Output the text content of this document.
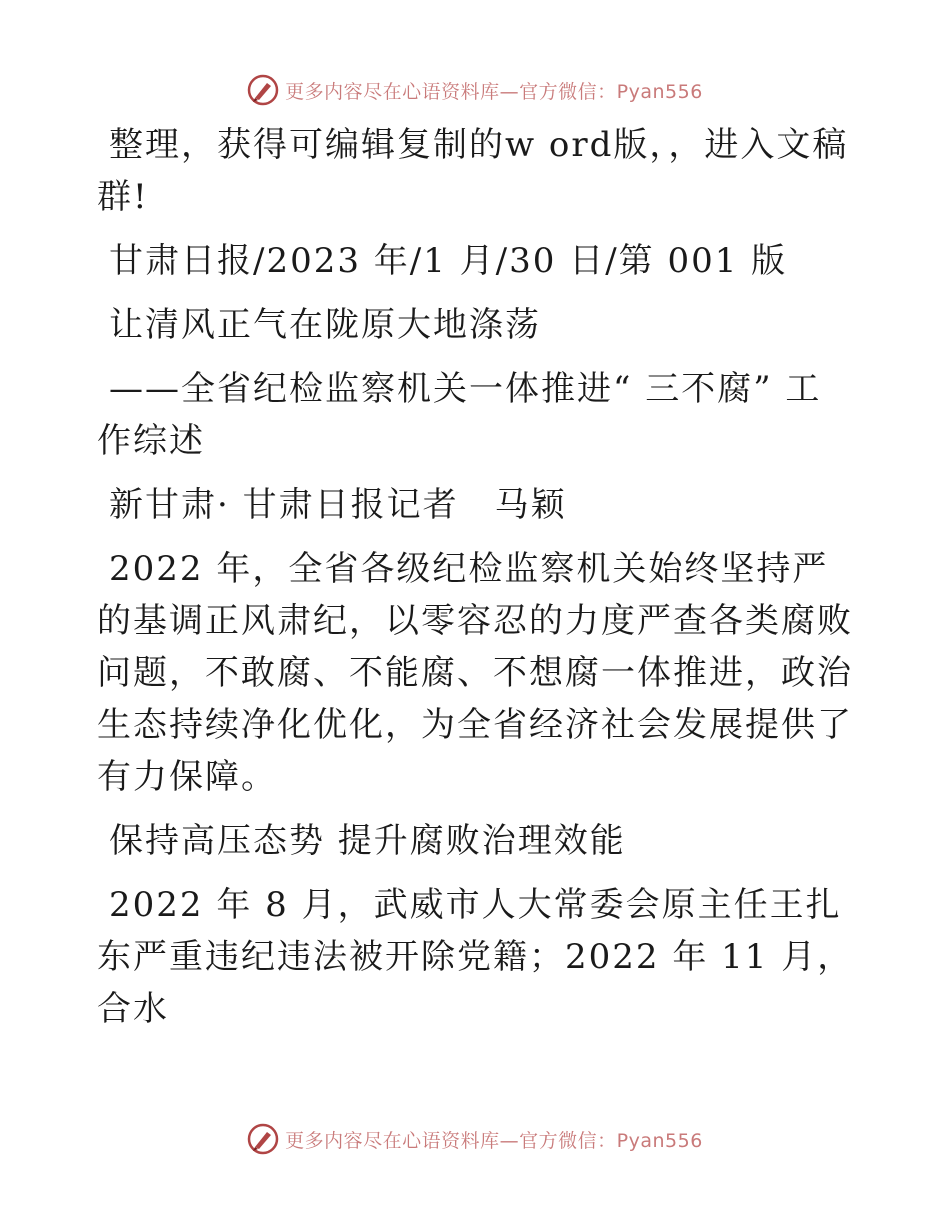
更多内容尽在心语资料库—官方微信：Pyan556

整理，获得可编辑复制的w ord版，，进入文稿群!

甘肃日报/2023 年/1 月/30 日/第 001 版

让清风正气在陇原大地涤荡

——全省纪检监察机关一体推进“ 三不腐” 工作综述

新甘肃· 甘肃日报记者　马颖

2022 年，全省各级纪检监察机关始终坚持严的基调正风肃纪，以零容忍的力度严查各类腐败问题，不敢腐、不能腐、不想腐一体推进，政治生态持续净化优化，为全省经济社会发展提供了有力保障。

保持高压态势 提升腐败治理效能

2022 年 8 月，武威市人大常委会原主任王扎东严重违纪违法被开除党籍；2022 年 11 月，合水

更多内容尽在心语资料库—官方微信：Pyan556
